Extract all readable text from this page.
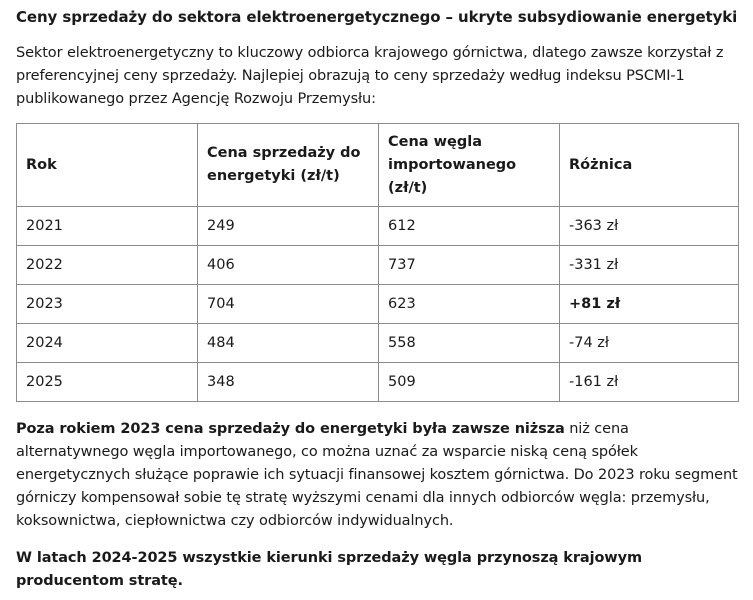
Ceny sprzedaży do sektora elektroenergetycznego – ukryte subsydiowanie energetyki

Sektor elektroenergetyczny to kluczowy odbiorca krajowego górnictwa, dlatego zawsze korzystał z preferencyjnej ceny sprzedaży. Najlepiej obrazują to ceny sprzedaży według indeksu PSCMI-1 publikowanego przez Agencję Rozwoju Przemysłu:

Rok	Cena sprzedaży do energetyki (zł/t)	Cena węgla importowanego (zł/t)	Różnica
2021	249	612	-363 zł
2022	406	737	-331 zł
2023	704	623	+81 zł
2024	484	558	-74 zł
2025	348	509	-161 zł

Poza rokiem 2023 cena sprzedaży do energetyki była zawsze niższa niż cena alternatywnego węgla importowanego, co można uznać za wsparcie niską ceną spółek energetycznych służące poprawie ich sytuacji finansowej kosztem górnictwa. Do 2023 roku segment górniczy kompensował sobie tę stratę wyższymi cenami dla innych odbiorców węgla: przemysłu, koksownictwa, ciepłownictwa czy odbiorców indywidualnych.

W latach 2024-2025 wszystkie kierunki sprzedaży węgla przynoszą krajowym producentom stratę.
